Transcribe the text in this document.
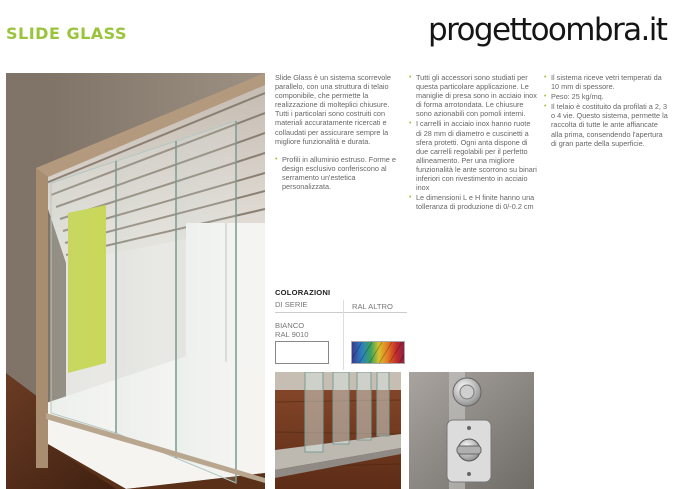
SLIDE GLASS	progettoombra.it

Slide Glass è un sistema scorrevole parallelo, con una struttura di telaio componibile, che permette la realizzazione di molteplici chiusure.
Tutti i particolari sono costruiti con materiali accuratamente ricercati e collaudati per assicurare sempre la migliore funzionalità e durata.

• Profili in alluminio estruso. Forme e design esclusivo conferiscono al serramento un'estetica personalizzata.
• Tutti gli accessori sono studiati per questa particolare applicazione. Le maniglie di presa sono in acciaio inox di forma arrotondata. Le chiusure sono azionabili con pomoli interni.
• I carrelli in acciaio inox hanno ruote di 28 mm di diametro e cuscinetti a sfera protetti. Ogni anta dispone di due carrelli regolabili per il perfetto allineamento. Per una migliore funzionalità le ante scorrono su binari inferiori con rivestimento in acciaio inox
• Le dimensioni L e H finite hanno una tolleranza di produzione di 0/-0.2 cm
• Il sistema riceve vetri temperati da 10 mm di spessore.
• Peso: 25 kg/mq.
• Il telaio è costituito da profilati a 2, 3 o 4 vie. Questo sistema, permette la raccolta di tutte le ante affiancate alla prima, consendendo l'apertura di gran parte della superficie.
COLORAZIONI
DI SERIE	RAL ALTRO
BIANCO
RAL 9010
